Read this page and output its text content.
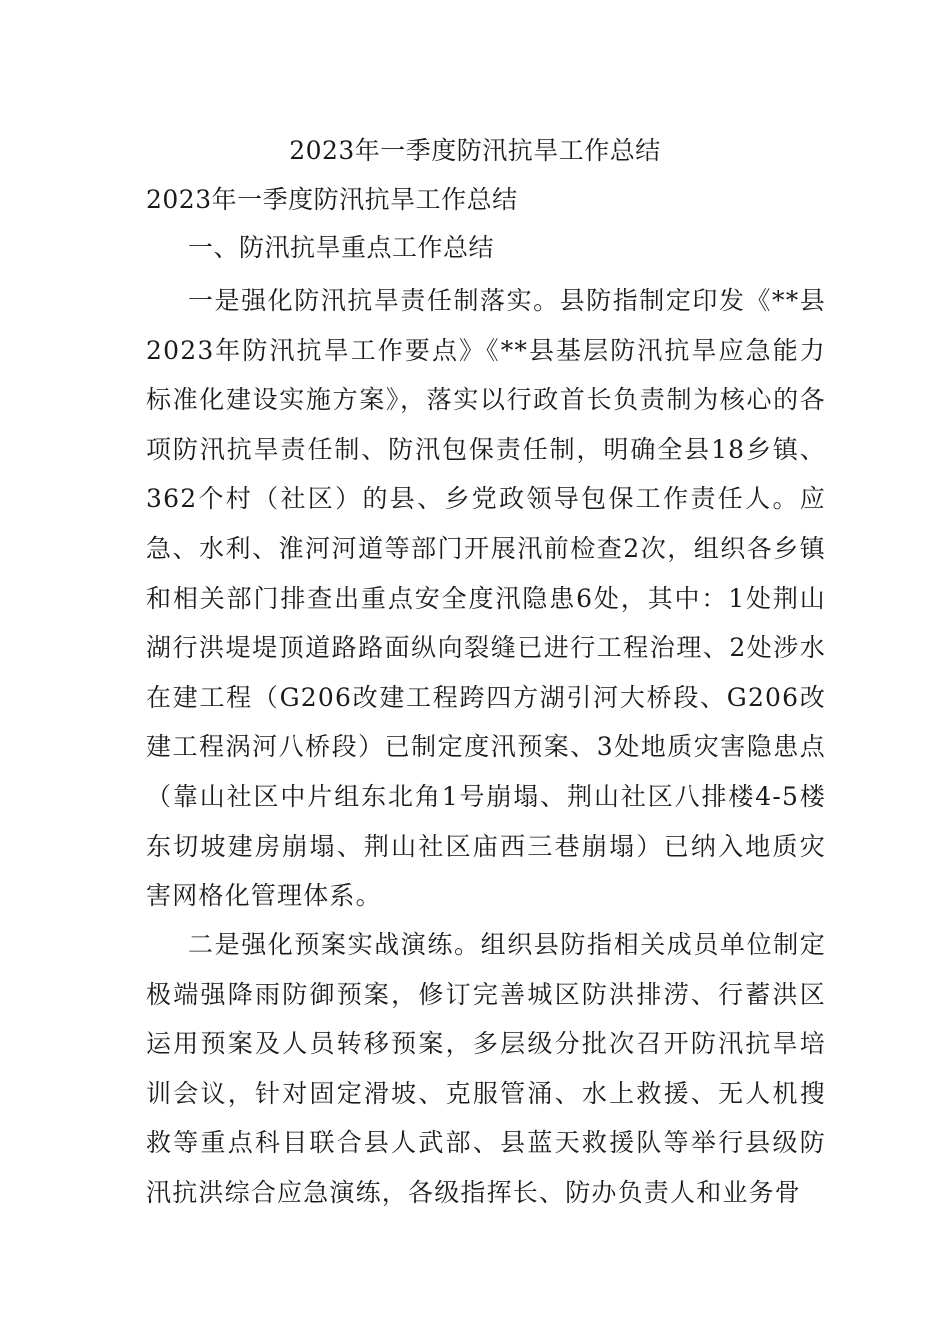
2023年一季度防汛抗旱工作总结
2023年一季度防汛抗旱工作总结
一、防汛抗旱重点工作总结

一是强化防汛抗旱责任制落实。县防指制定印发《**县2023年防汛抗旱工作要点》《**县基层防汛抗旱应急能力标准化建设实施方案》，落实以行政首长负责制为核心的各项防汛抗旱责任制、防汛包保责任制，明确全县18乡镇、362个村（社区）的县、乡党政领导包保工作责任人。应急、水利、淮河河道等部门开展汛前检查2次，组织各乡镇和相关部门排查出重点安全度汛隐患6处，其中：1处荆山湖行洪堤堤顶道路路面纵向裂缝已进行工程治理、2处涉水在建工程（G206改建工程跨四方湖引河大桥段、G206改建工程涡河八桥段）已制定度汛预案、3处地质灾害隐患点（靠山社区中片组东北角1号崩塌、荆山社区八排楼4-5楼东切坡建房崩塌、荆山社区庙西三巷崩塌）已纳入地质灾害网格化管理体系。

二是强化预案实战演练。组织县防指相关成员单位制定极端强降雨防御预案，修订完善城区防洪排涝、行蓄洪区运用预案及人员转移预案，多层级分批次召开防汛抗旱培训会议，针对固定滑坡、克服管涌、水上救援、无人机搜救等重点科目联合县人武部、县蓝天救援队等举行县级防汛抗洪综合应急演练，各级指挥长、防办负责人和业务骨
